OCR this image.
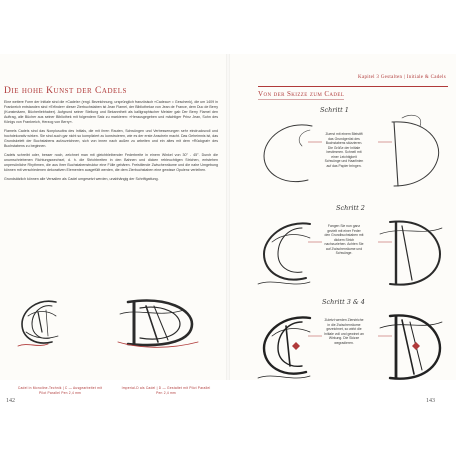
Kapitel 3 Gestalten | Initiale & Cadels
Die hohe Kunst der Cadels

Eine weitere Form der Initiale sind die »Cadels« (engl. Bezeichnung, ursprünglich französisch »Cadeau« = Geschenk), die um 1409 in Frankreich entstanden sind »Erfinder« dieser Zierbuchstaben ist Jean Flamel, der Bibliothekar von Jean de France, dem Duc de Berry (Kunstmäzen, Bücherliebhaber). Aufgrund seiner Stellung und Bekanntheit als kalligraphischer Meister gab Der Berry Flamel den Auftrag, alle Bücher aus seiner Bibliothek mit folgendem Satz zu markieren: »Herausgegeben und mächtiger Prinz Jean, Sohn des Königs von Frankreich, Herzog von Berry«.

Flamels Cadels sind das Nonplusultra des Initials, die mit ihren Rauten, Schwüngen und Verbesserungen sehr eindrucksvoll und hochdekorativ wirken. Sie sind auch gar nicht so kompliziert zu konstruieren, wie es der erste Anschein macht. Das Geheimnis ist, das Grundskelett der Buchstabens aufzuzeichnen, sich von innen nach außen zu arbeiten und ein altes mit dem »Rückgrat« des Buchstabens zu beginnen.

Cadels schreibt oder, besser noch, zeichnet man mit gleichbleibender Federbreite in einem Winkel von 30° - 45°. Durch die unumschriebenen Richtungswechsel, d. h. die Strichbreiten in den Bahnen und dicken rebleuchtigen Strichen, entstehen unpersönliche Rhythmen, die aus ihrer Buchstabenstruktur eine Fülle gebären. Freistilende Zwischenräume und die nahe Umgebung können mit verschiedenen dekorativen Elementen ausgefüllt werden, die dem Zierbuchstaben eine gewisse Opulenz verleihen.

Grundsätzlich können alle Versalien als Cadel umgesetzt werden, unabhängig der Schriftgattung.

Cadel in Monoline-Technik | C — Ausgearbeitet mit Pilot Parallel Pen 2,4 mm
Imperial-D als Cadel | D — Gestaltet mit Pilot Parallel Pen 2,4 mm
142	143
Von der Skizze zum Cadel
Schritt 1
Zuerst mit einem Bleistift das Grundgerüst des Buchstabens skizzieren. Die Größe der Initiale bestimmen. Schnell mit einer Leichtigkeit Schwünge und Haarlinien auf das Papier bringen.
Schritt 2
Fangen Sie nun ganz gezielt mit einer Feder den Grundbuchstaben mit dickem Strich nachzuziehen. Achten Sie auf Zwischenräume und Schwünge.
Schritt 3 & 4
Zuletzt werden Zierstriche in die Zwischenräume gezeichnet, so wirkt die Initiale voll und gewinnt an Wirkung. Die Skizze wegradieren.
